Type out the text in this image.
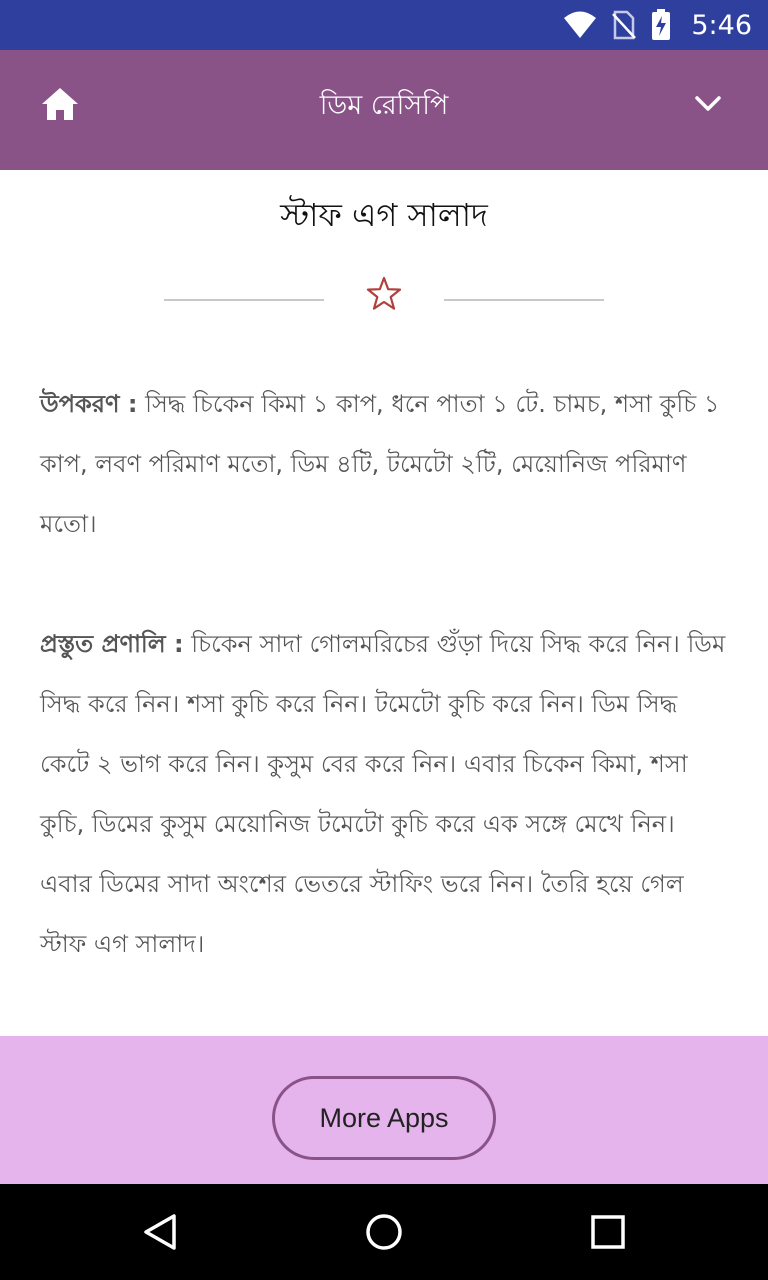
5:46
ডিম রেসিপি
স্টাফ এগ সালাদ

উপকরণ : সিদ্ধ চিকেন কিমা ১ কাপ, ধনে পাতা ১ টে. চামচ, শসা কুচি ১ কাপ, লবণ পরিমাণ মতো, ডিম ৪টি, টমেটো ২টি, মেয়োনিজ পরিমাণ মতো।

প্রস্তুত প্রণালি : চিকেন সাদা গোলমরিচের গুঁড়া দিয়ে সিদ্ধ করে নিন। ডিম সিদ্ধ করে নিন। শসা কুচি করে নিন। টমেটো কুচি করে নিন। ডিম সিদ্ধ কেটে ২ ভাগ করে নিন। কুসুম বের করে নিন। এবার চিকেন কিমা, শসা কুচি, ডিমের কুসুম মেয়োনিজ টমেটো কুচি করে এক সঙ্গে মেখে নিন। এবার ডিমের সাদা অংশের ভেতরে স্টাফিং ভরে নিন। তৈরি হয়ে গেল স্টাফ এগ সালাদ।

More Apps
